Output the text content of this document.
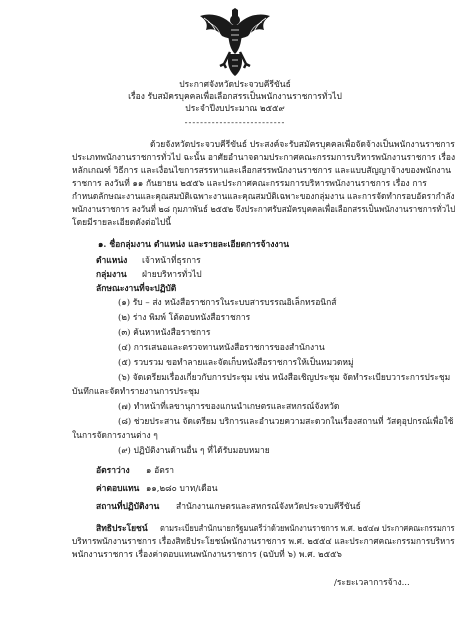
ประกาศจังหวัดประจวบคีรีขันธ์
เรื่อง รับสมัครบุคคลเพื่อเลือกสรรเป็นพนักงานราชการทั่วไป
ประจำปีงบประมาณ ๒๕๕๙
--------------------------
ด้วยจังหวัดประจวบคีรีขันธ์ ประสงค์จะรับสมัครบุคคลเพื่อจัดจ้างเป็นพนักงานราชการ
ประเภทพนักงานราชการทั่วไป ฉะนั้น อาศัยอำนาจตามประกาศคณะกรรมการบริหารพนักงานราชการ เรื่อง
หลักเกณฑ์ วิธีการ และเงื่อนไขการสรรหาและเลือกสรรพนักงานราชการ และแบบสัญญาจ้างของพนักงาน
ราชการ ลงวันที่ ๑๑ กันยายน ๒๕๕๖ และประกาศคณะกรรมการบริหารพนักงานราชการ เรื่อง การ
กำหนดลักษณะงานและคุณสมบัติเฉพาะงานและคุณสมบัติเฉพาะของกลุ่มงาน และการจัดทำกรอบอัตรากำลัง
พนักงานราชการ ลงวันที่ ๒๘ กุมภาพันธ์ ๒๕๕๒ จึงประกาศรับสมัครบุคคลเพื่อเลือกสรรเป็นพนักงานราชการทั่วไป
โดยมีรายละเอียดดังต่อไปนี้
๑. ชื่อกลุ่มงาน ตำแหน่ง และรายละเอียดการจ้างงาน
ตำแหน่ง เจ้าหน้าที่ธุรการ
กลุ่มงาน ฝ่ายบริหารทั่วไป
ลักษณะงานที่จะปฏิบัติ
(๑) รับ – ส่ง หนังสือราชการในระบบสารบรรณอิเล็กทรอนิกส์
(๒) ร่าง พิมพ์ โต้ตอบหนังสือราชการ
(๓) ค้นหาหนังสือราชการ
(๔) การเสนอและตรวจทานหนังสือราชการของสำนักงาน
(๕) รวบรวม ขอทำลายและจัดเก็บหนังสือราชการให้เป็นหมวดหมู่
(๖) จัดเตรียมเรื่องเกี่ยวกับการประชุม เช่น หนังสือเชิญประชุม จัดทำระเบียบวาระการประชุม
บันทึกและจัดทำรายงานการประชุม
(๗) ทำหน้าที่เลขานุการของแกนนำเกษตรและสหกรณ์จังหวัด
(๘) ช่วยประสาน จัดเตรียม บริการและอำนวยความสะดวกในเรื่องสถานที่ วัสดุอุปกรณ์เพื่อใช้
ในการจัดการงานต่าง ๆ
(๙) ปฏิบัติงานด้านอื่น ๆ ที่ได้รับมอบหมาย
อัตราว่าง ๑ อัตรา
ค่าตอบแทน ๑๑,๒๘๐ บาท/เดือน
สถานที่ปฏิบัติงาน สำนักงานเกษตรและสหกรณ์จังหวัดประจวบคีรีขันธ์
สิทธิประโยชน์ ตามระเบียบสำนักนายกรัฐมนตรีว่าด้วยพนักงานราชการ พ.ศ. ๒๕๔๗ ประกาศคณะกรรมการ
บริหารพนักงานราชการ เรื่องสิทธิประโยชน์พนักงานราชการ พ.ศ. ๒๕๕๔ และประกาศคณะกรรมการบริหาร
พนักงานราชการ เรื่องค่าตอบแทนพนักงานราชการ (ฉบับที่ ๖) พ.ศ. ๒๕๕๖
/ระยะเวลาการจ้าง...
